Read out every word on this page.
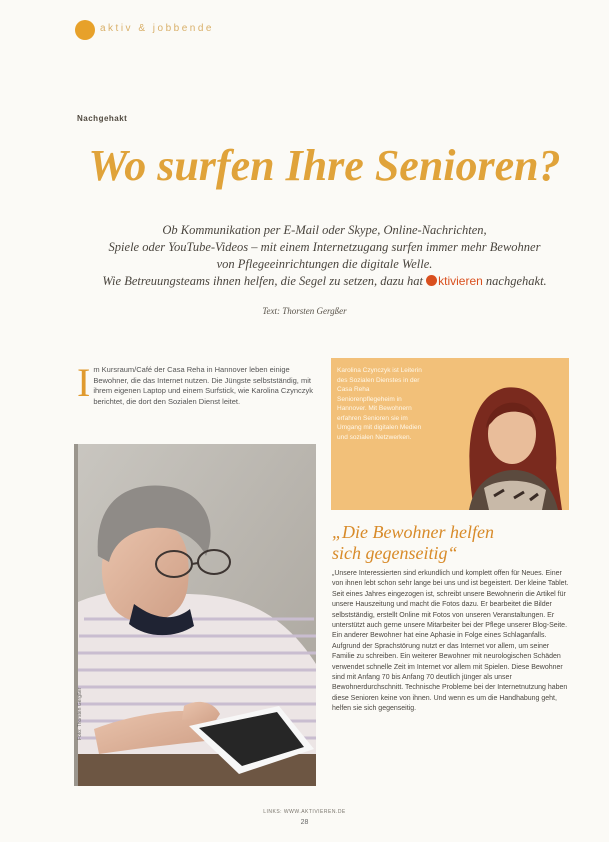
aktiv & jobbende
Nachgehakt
Wo surfen Ihre Senioren?
Ob Kommunikation per E-Mail oder Skype, Online-Nachrichten,
Spiele oder YouTube-Videos – mit einem Internetzugang surfen immer mehr Bewohner
von Pflegeeinrichtungen die digitale Welle.
Wie Betreuungsteams ihnen helfen, die Segel zu setzen, dazu hat ktivieren nachgehakt.
Text: Thorsten Gergßer
I m Kursraum/Café der Casa Reha in Hannover leben einige Bewohner, die das Internet nutzen. Die Jüngste selbstständig, mit ihrem eigenen Laptop und einem Surfstick, wie Karolina Czynczyk berichtet, die dort den Sozialen Dienst leitet.
Foto: Thorsten Gergßer
Karolina Czynczyk ist Leiterin des Sozialen Dienstes in der Casa Reha Seniorenpflegeheim in Hannover. Mit Bewohnern erfahren Senioren sie im Umgang mit digitalen Medien und sozialen Netzwerken.
„Die Bewohner helfen
sich gegenseitig“
„Unsere Interessierten sind erkundlich und komplett offen für Neues. Einer von ihnen lebt schon sehr lange bei uns und ist begeistert. Der kleine Tablet. Seit eines Jahres eingezogen ist, schreibt unsere Bewohnerin die Artikel für unsere Hauszeitung und macht die Fotos dazu. Er bearbeitet die Bilder selbstständig, erstellt Online mit Fotos von unseren Veranstaltungen. Er unterstützt auch gerne unsere Mitarbeiter bei der Pflege unserer Blog-Seite. Ein anderer Bewohner hat eine Aphasie in Folge eines Schlaganfalls. Aufgrund der Sprachstörung nutzt er das Internet vor allem, um seiner Familie zu schreiben. Ein weiterer Bewohner mit neurologischen Schäden verwendet schnelle Zeit im Internet vor allem mit Spielen. Diese Bewohner sind mit Anfang 70 bis Anfang 70 deutlich jünger als unser Bewohnerdurchschnitt. Technische Probleme bei der Internetnutzung haben diese Senioren keine von ihnen. Und wenn es um die Handhabung geht, helfen sie sich gegenseitig.
LINKS: WWW.AKTIVIEREN.DE
28
